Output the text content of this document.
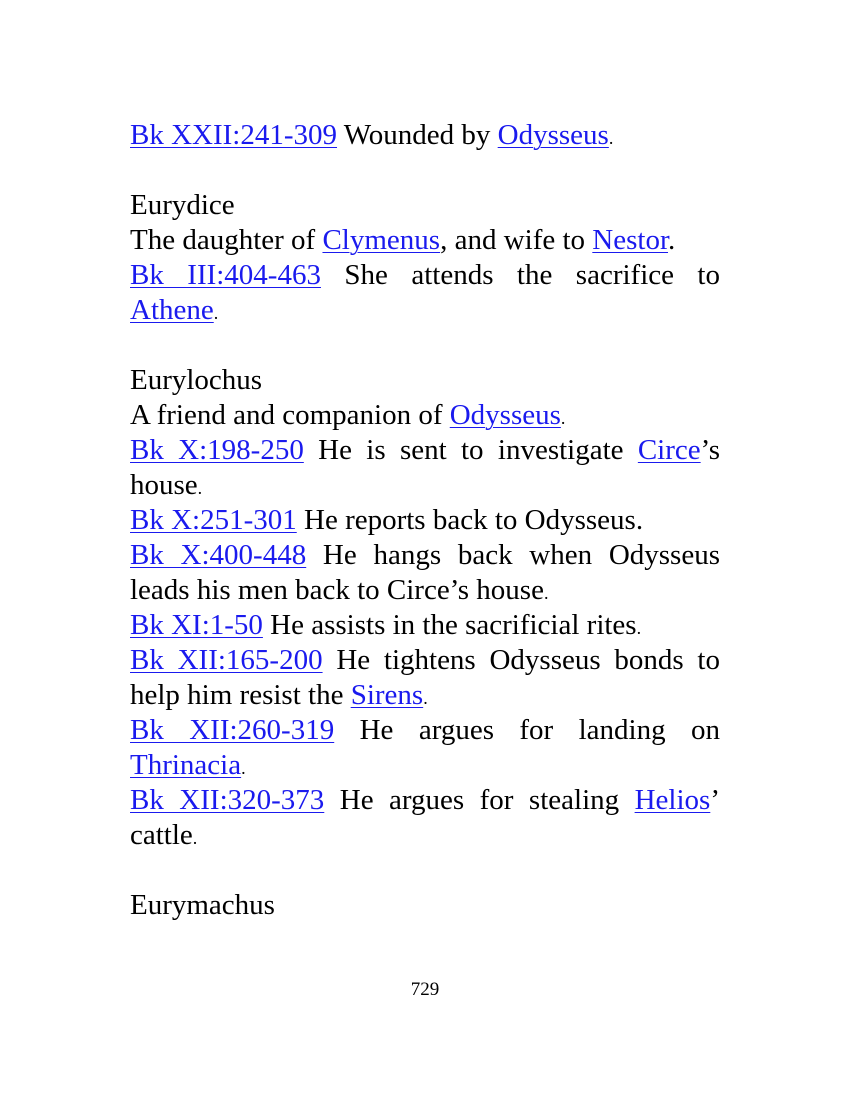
Bk XXII:241-309 Wounded by Odysseus.
Eurydice
The daughter of Clymenus, and wife to Nestor.
Bk III:404-463 She attends the sacrifice to
Athene.
Eurylochus
A friend and companion of Odysseus.
Bk X:198-250 He is sent to investigate Circe’s
house.
Bk X:251-301 He reports back to Odysseus.
Bk X:400-448 He hangs back when Odysseus
leads his men back to Circe’s house.
Bk XI:1-50 He assists in the sacrificial rites.
Bk XII:165-200 He tightens Odysseus bonds to
help him resist the Sirens.
Bk XII:260-319 He argues for landing on
Thrinacia.
Bk XII:320-373 He argues for stealing Helios’
cattle.
Eurymachus
729
